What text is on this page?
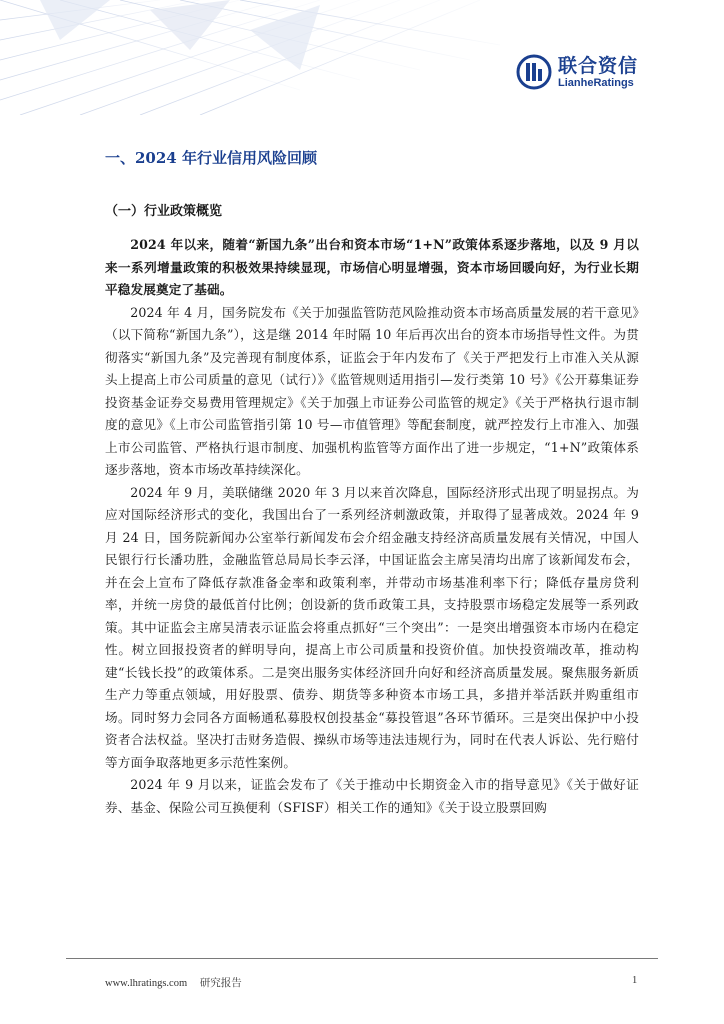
联合资信
LianheRatings
一、2024 年行业信用风险回顾
（一）行业政策概览

2024 年以来，随着“新国九条”出台和资本市场“1+N”政策体系逐步落地，以及 9 月以来一系列增量政策的积极效果持续显现，市场信心明显增强，资本市场回暖向好，为行业长期平稳发展奠定了基础。

2024 年 4 月，国务院发布《关于加强监管防范风险推动资本市场高质量发展的若干意见》（以下简称“新国九条”），这是继 2014 年时隔 10 年后再次出台的资本市场指导性文件。为贯彻落实“新国九条”及完善现有制度体系，证监会于年内发布了《关于严把发行上市准入关从源头上提高上市公司质量的意见（试行）》《监管规则适用指引—发行类第 10 号》《公开募集证券投资基金证券交易费用管理规定》《关于加强上市证券公司监管的规定》《关于严格执行退市制度的意见》《上市公司监管指引第 10 号—市值管理》等配套制度，就严控发行上市准入、加强上市公司监管、严格执行退市制度、加强机构监管等方面作出了进一步规定，“1+N”政策体系逐步落地，资本市场改革持续深化。

2024 年 9 月，美联储继 2020 年 3 月以来首次降息，国际经济形式出现了明显拐点。为应对国际经济形式的变化，我国出台了一系列经济刺激政策，并取得了显著成效。2024 年 9 月 24 日，国务院新闻办公室举行新闻发布会介绍金融支持经济高质量发展有关情况，中国人民银行行长潘功胜，金融监管总局局长李云泽，中国证监会主席吴清均出席了该新闻发布会，并在会上宣布了降低存款准备金率和政策利率，并带动市场基准利率下行；降低存量房贷利率，并统一房贷的最低首付比例；创设新的货币政策工具，支持股票市场稳定发展等一系列政策。其中证监会主席吴清表示证监会将重点抓好“三个突出”：一是突出增强资本市场内在稳定性。树立回报投资者的鲜明导向，提高上市公司质量和投资价值。加快投资端改革，推动构建“长钱长投”的政策体系。二是突出服务实体经济回升向好和经济高质量发展。聚焦服务新质生产力等重点领域，用好股票、债券、期货等多种资本市场工具，多措并举活跃并购重组市场。同时努力会同各方面畅通私募股权创投基金“募投管退”各环节循环。三是突出保护中小投资者合法权益。坚决打击财务造假、操纵市场等违法违规行为，同时在代表人诉讼、先行赔付等方面争取落地更多示范性案例。

2024 年 9 月以来，证监会发布了《关于推动中长期资金入市的指导意见》《关于做好证券、基金、保险公司互换便利（SFISF）相关工作的通知》《关于设立股票回购

www.lhratings.com 研究报告	1
